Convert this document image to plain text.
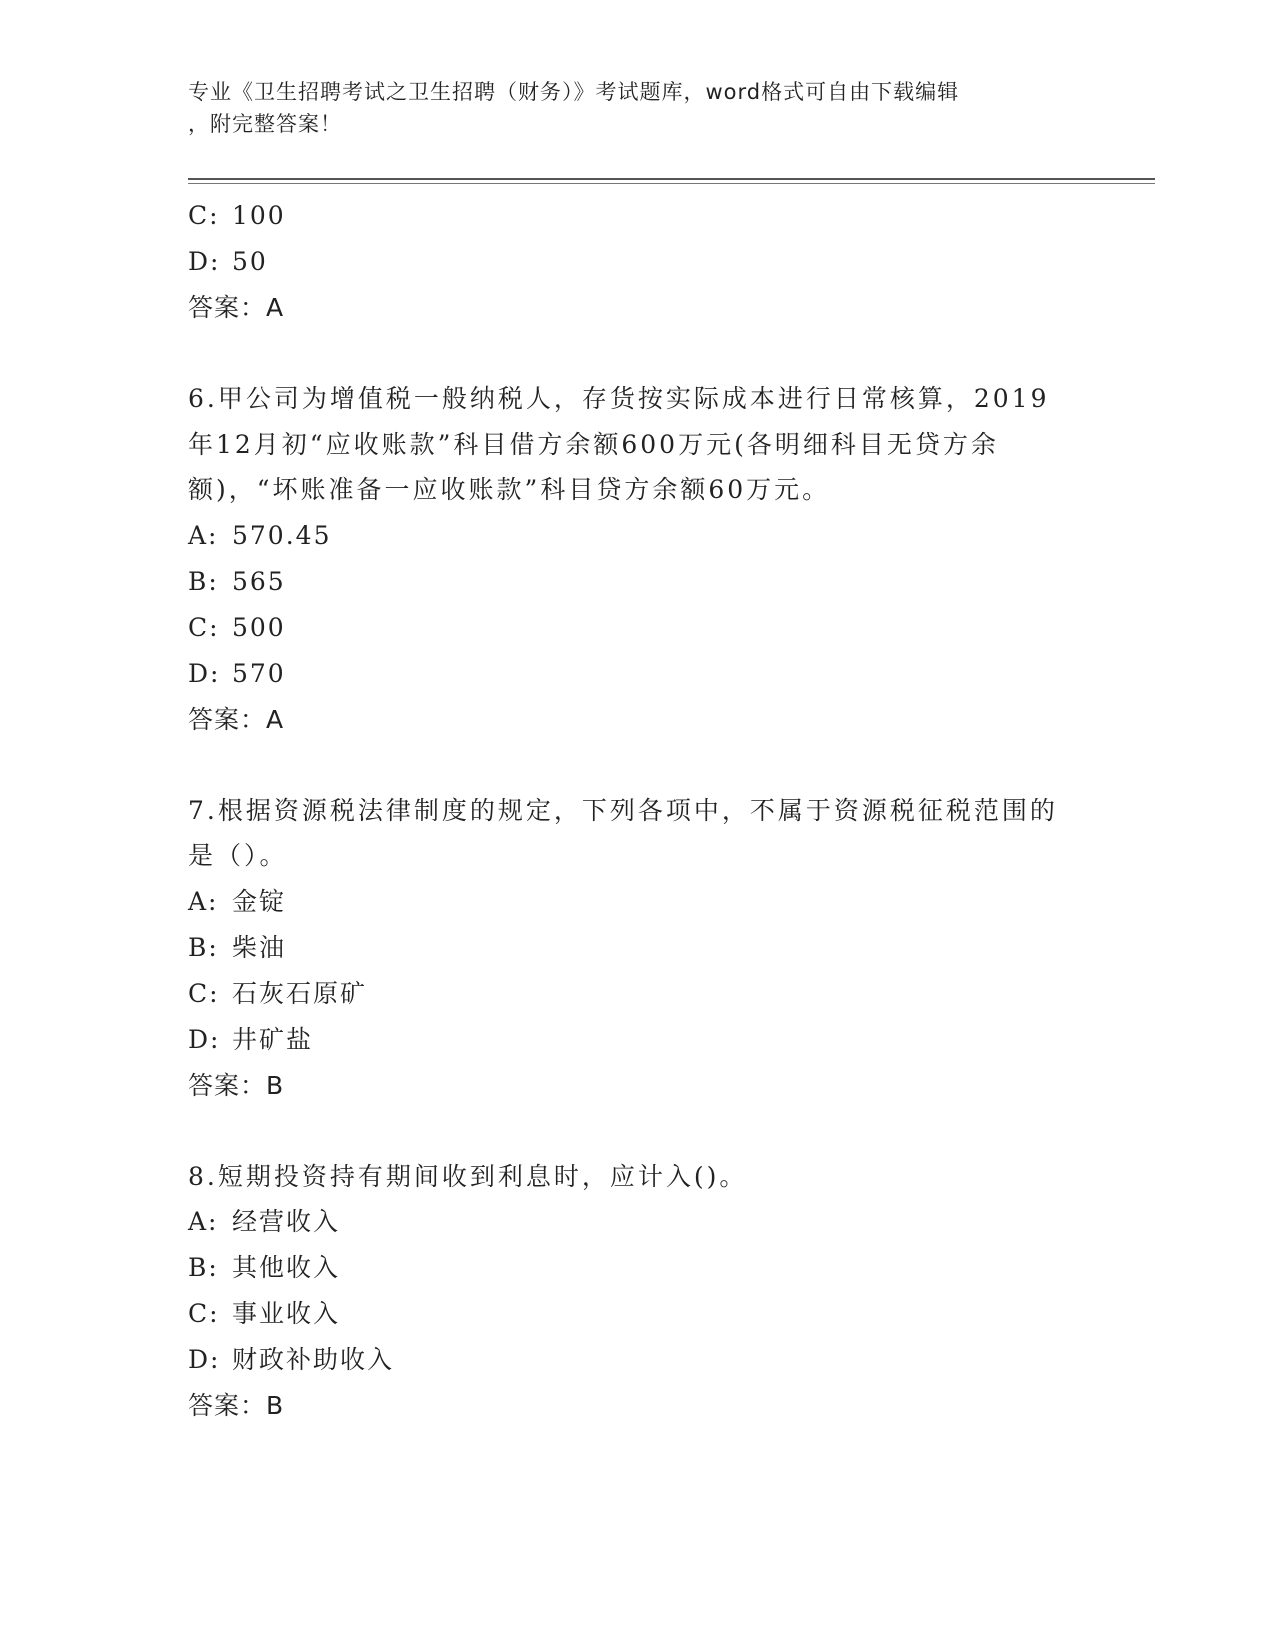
专业《卫生招聘考试之卫生招聘（财务）》考试题库，word格式可自由下载编辑
，附完整答案！
C: 100
D: 50
答案：A
6.甲公司为增值税一般纳税人，存货按实际成本进行日常核算，2019年12月初“应收账款”科目借方余额600万元(各明细科目无贷方余额)，“坏账准备一应收账款”科目贷方余额60万元。
A: 570.45
B: 565
C: 500
D: 570
答案：A
7.根据资源税法律制度的规定，下列各项中，不属于资源税征税范围的是（）。
A: 金锭
B: 柴油
C: 石灰石原矿
D: 井矿盐
答案：B
8.短期投资持有期间收到利息时，应计入()。
A: 经营收入
B: 其他收入
C: 事业收入
D: 财政补助收入
答案：B
